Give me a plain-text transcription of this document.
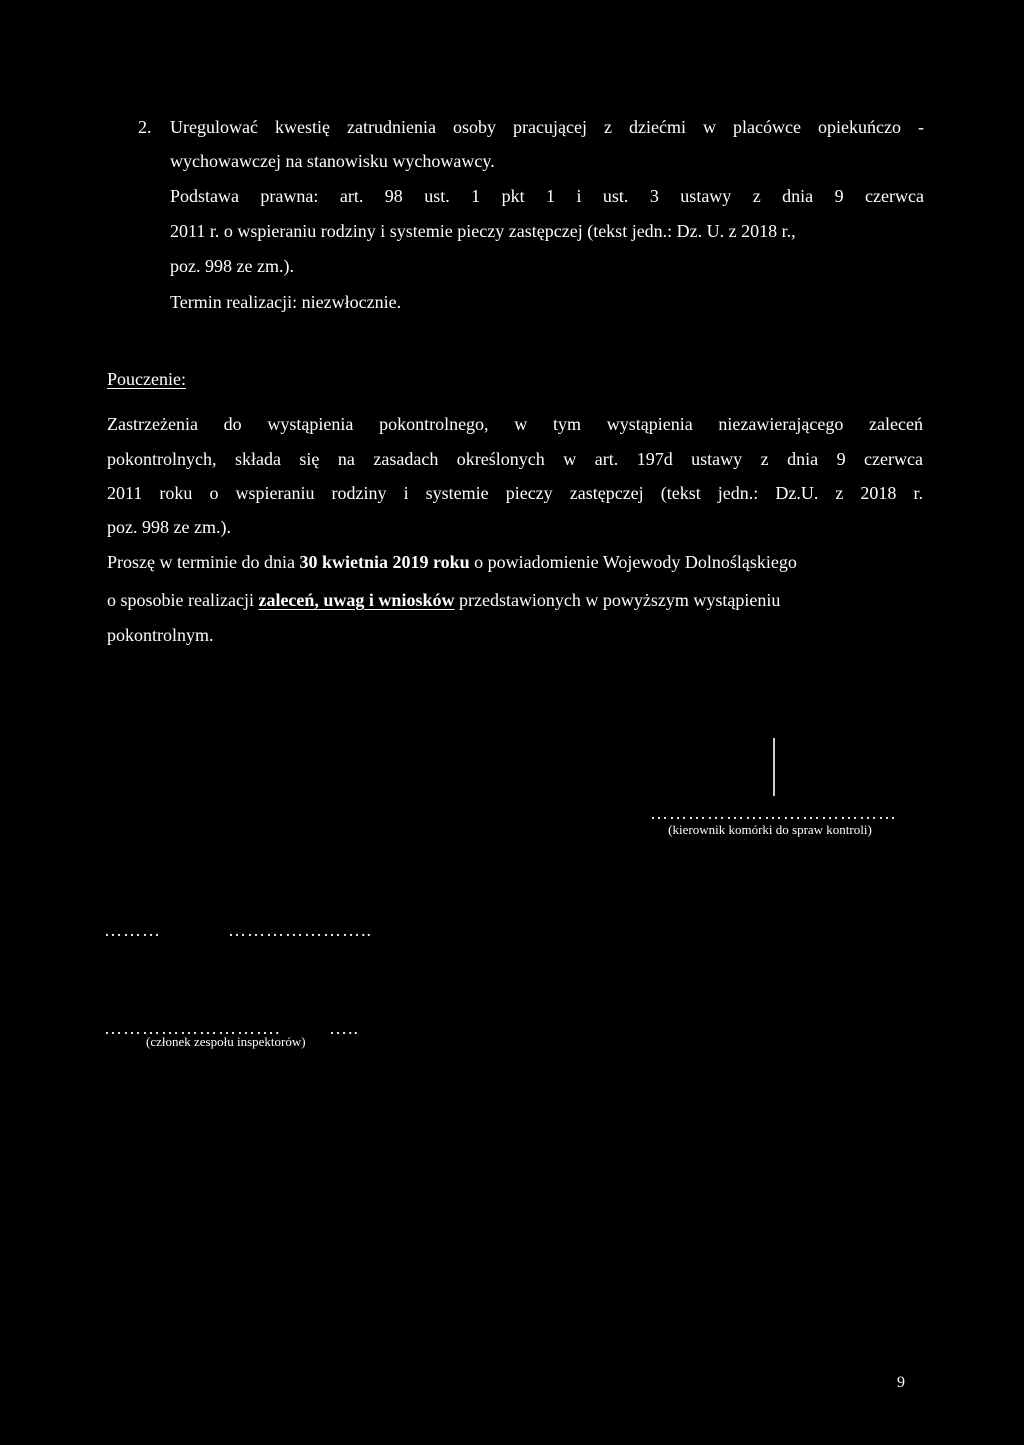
2. Uregulować kwestię zatrudnienia osoby pracującej z dziećmi w placówce opiekuńczo -
wychowawczej na stanowisku wychowawcy.
Podstawa prawna: art. 98 ust. 1 pkt 1 i ust. 3 ustawy z dnia 9 czerwca
2011 r. o wspieraniu rodziny i systemie pieczy zastępczej (tekst jedn.: Dz. U. z 2018 r.,
poz. 998 ze zm.).
Termin realizacji: niezwłocznie.
Pouczenie:
Zastrzeżenia do wystąpienia pokontrolnego, w tym wystąpienia niezawierającego zaleceń
pokontrolnych, składa się na zasadach określonych w art. 197d ustawy z dnia 9 czerwca
2011 roku o wspieraniu rodziny i systemie pieczy zastępczej (tekst jedn.: Dz.U. z 2018 r.
poz. 998 ze zm.).
Proszę w terminie do dnia 30 kwietnia 2019 roku o powiadomienie Wojewody Dolnośląskiego
o sposobie realizacji zaleceń, uwag i wniosków przedstawionych w powyższym wystąpieniu
pokontrolnym.
…………………………………
(kierownik komórki do spraw kontroli)
………	…………………..
……………………….	…..
(członek zespołu inspektorów)
9
